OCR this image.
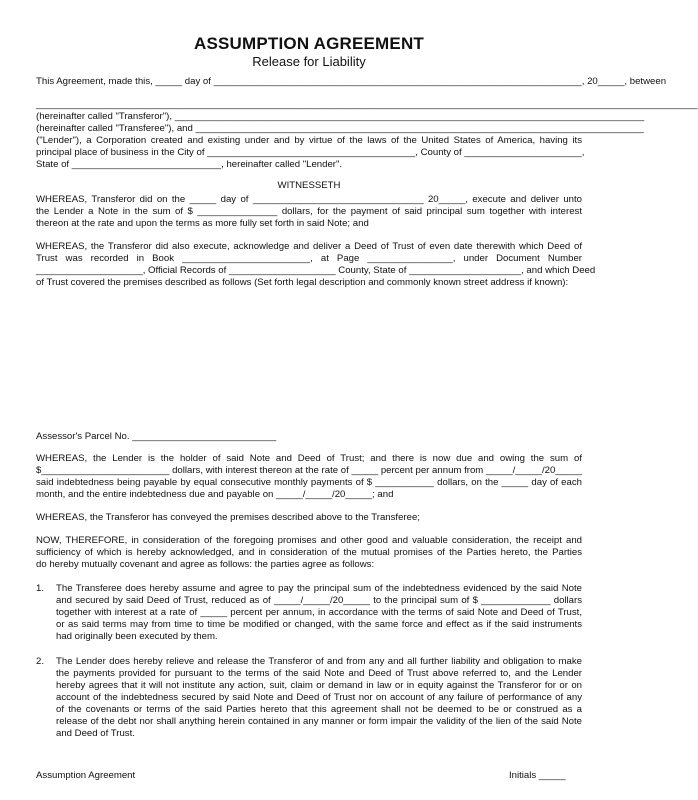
ASSUMPTION AGREEMENT
Release for Liability
This Agreement, made this, _____ day of _____________________________________________________________________, 20_____, between
____________________________________________________________________________________________________________________________
(hereinafter called "Transferor"), ________________________________________________________________________________________
(hereinafter called "Transferee"), and ____________________________________________________________________________________
("Lender"), a Corporation created and existing under and by virtue of the laws of the United States of America, having its
principal place of business in the City of _______________________________________, County of ______________________,
State of ____________________________, hereinafter called "Lender".
WITNESSETH
WHEREAS, Transferor did on the _____ day of ________________________________ 20_____, execute and deliver unto
the Lender a Note in the sum of $ _______________ dollars, for the payment of said principal sum together with interest
thereon at the rate and upon the terms as more fully set forth in said Note; and
WHEREAS, the Transferor did also execute, acknowledge and deliver a Deed of Trust of even date therewith which Deed of
Trust was recorded in Book ________________________, at Page ________________, under Document Number
____________________, Official Records of ____________________ County, State of _____________________, and which Deed
of Trust covered the premises described as follows (Set forth legal description and commonly known street address if known):
Assessor's Parcel No. ___________________________
WHEREAS, the Lender is the holder of said Note and Deed of Trust; and there is now due and owing the sum of
$________________________ dollars, with interest thereon at the rate of _____ percent per annum from _____/_____/20_____
said indebtedness being payable by equal consecutive monthly payments of $ ___________ dollars, on the _____ day of each
month, and the entire indebtedness due and payable on _____/_____/20_____; and
WHEREAS, the Transferor has conveyed the premises described above to the Transferee;
NOW, THEREFORE, in consideration of the foregoing promises and other good and valuable consideration, the receipt and
sufficiency of which is hereby acknowledged, and in consideration of the mutual promises of the Parties hereto, the Parties
do hereby mutually covenant and agree as follows: the parties agree as follows:
1. The Transferee does hereby assume and agree to pay the principal sum of the indebtedness evidenced by the said Note
and secured by said Deed of Trust, reduced as of _____/_____/20_____ to the principal sum of $ _____________ dollars
together with interest at a rate of _____ percent per annum, in accordance with the terms of said Note and Deed of Trust,
or as said terms may from time to time be modified or changed, with the same force and effect as if the said instruments
had originally been executed by them.
2. The Lender does hereby relieve and release the Transferor of and from any and all further liability and obligation to make
the payments provided for pursuant to the terms of the said Note and Deed of Trust above referred to, and the Lender
hereby agrees that it will not institute any action, suit, claim or demand in law or in equity against the Transferor for or on
account of the indebtedness secured by said Note and Deed of Trust nor on account of any failure of performance of any
of the covenants or terms of the said Parties hereto that this agreement shall not be deemed to be or construed as a
release of the debt nor shall anything herein contained in any manner or form impair the validity of the lien of the said Note
and Deed of Trust.
Assumption Agreement	Initials _____
